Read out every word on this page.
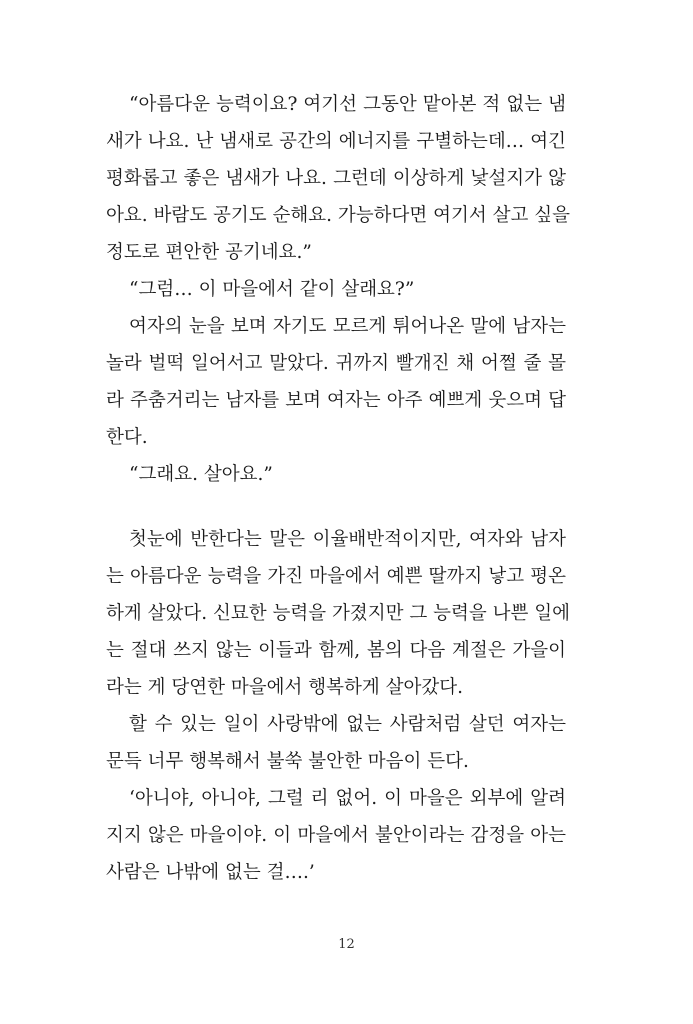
“아름다운 능력이요? 여기선 그동안 맡아본 적 없는 냄
새가 나요. 난 냄새로 공간의 에너지를 구별하는데… 여긴
평화롭고 좋은 냄새가 나요. 그런데 이상하게 낯설지가 않
아요. 바람도 공기도 순해요. 가능하다면 여기서 살고 싶을
정도로 편안한 공기네요.”
“그럼… 이 마을에서 같이 살래요?”
여자의 눈을 보며 자기도 모르게 튀어나온 말에 남자는
놀라 벌떡 일어서고 말았다. 귀까지 빨개진 채 어쩔 줄 몰
라 주춤거리는 남자를 보며 여자는 아주 예쁘게 웃으며 답
한다.
“그래요. 살아요.”
첫눈에 반한다는 말은 이율배반적이지만, 여자와 남자
는 아름다운 능력을 가진 마을에서 예쁜 딸까지 낳고 평온
하게 살았다. 신묘한 능력을 가졌지만 그 능력을 나쁜 일에
는 절대 쓰지 않는 이들과 함께, 봄의 다음 계절은 가을이
라는 게 당연한 마을에서 행복하게 살아갔다.
할 수 있는 일이 사랑밖에 없는 사람처럼 살던 여자는
문득 너무 행복해서 불쑥 불안한 마음이 든다.
‘아니야, 아니야, 그럴 리 없어. 이 마을은 외부에 알려
지지 않은 마을이야. 이 마을에서 불안이라는 감정을 아는
사람은 나밖에 없는 걸….’
12
